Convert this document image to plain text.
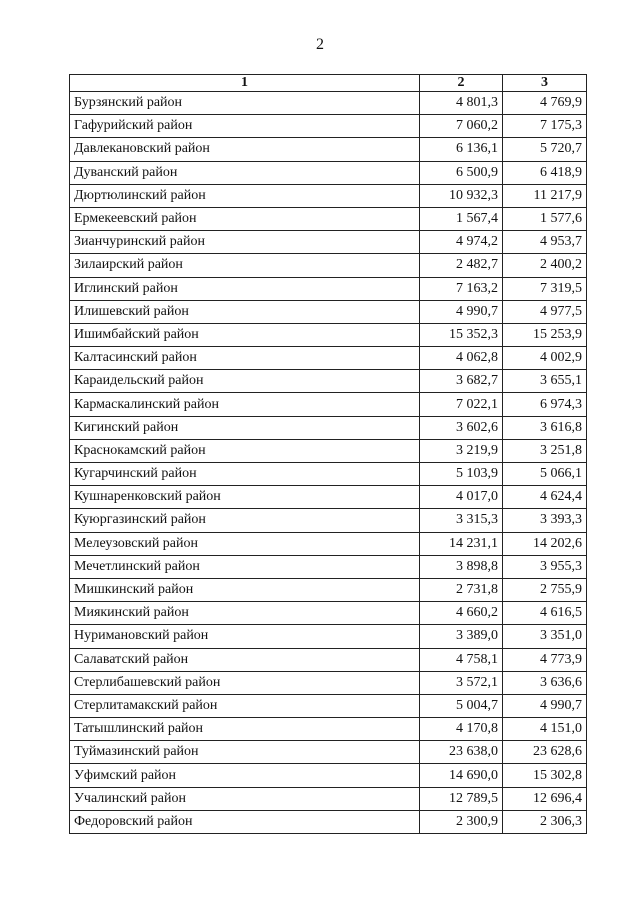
2
1	2	3
Бурзянский район	4 801,3	4 769,9
Гафурийский район	7 060,2	7 175,3
Давлекановский район	6 136,1	5 720,7
Дуванский район	6 500,9	6 418,9
Дюртюлинский район	10 932,3	11 217,9
Ермекеевский район	1 567,4	1 577,6
Зианчуринский район	4 974,2	4 953,7
Зилаирский район	2 482,7	2 400,2
Иглинский район	7 163,2	7 319,5
Илишевский район	4 990,7	4 977,5
Ишимбайский район	15 352,3	15 253,9
Калтасинский район	4 062,8	4 002,9
Караидельский район	3 682,7	3 655,1
Кармаскалинский район	7 022,1	6 974,3
Кигинский район	3 602,6	3 616,8
Краснокамский район	3 219,9	3 251,8
Кугарчинский район	5 103,9	5 066,1
Кушнаренковский район	4 017,0	4 624,4
Куюргазинский район	3 315,3	3 393,3
Мелеузовский район	14 231,1	14 202,6
Мечетлинский район	3 898,8	3 955,3
Мишкинский район	2 731,8	2 755,9
Миякинский район	4 660,2	4 616,5
Нуримановский район	3 389,0	3 351,0
Салаватский район	4 758,1	4 773,9
Стерлибашевский район	3 572,1	3 636,6
Стерлитамакский район	5 004,7	4 990,7
Татышлинский район	4 170,8	4 151,0
Туймазинский район	23 638,0	23 628,6
Уфимский район	14 690,0	15 302,8
Учалинский район	12 789,5	12 696,4
Федоровский район	2 300,9	2 306,3
